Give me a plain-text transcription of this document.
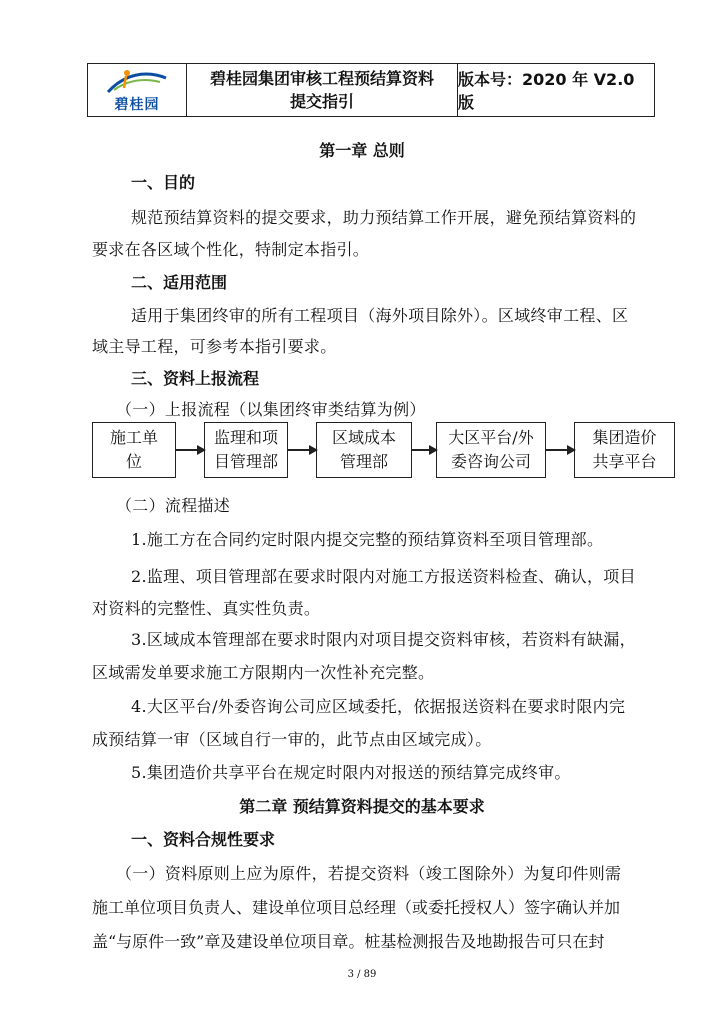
碧桂园
碧桂园集团审核工程预结算资料
提交指引
版本号：2020 年 V2.0 版
第一章 总则
一、目的
规范预结算资料的提交要求，助力预结算工作开展，避免预结算资料的
要求在各区域个性化，特制定本指引。
二、适用范围
适用于集团终审的所有工程项目（海外项目除外）。区域终审工程、区
域主导工程，可参考本指引要求。
三、资料上报流程
（一）上报流程（以集团终审类结算为例）
施工单
位
监理和项
目管理部
区域成本
管理部
大区平台/外
委咨询公司
集团造价
共享平台
（二）流程描述
1.施工方在合同约定时限内提交完整的预结算资料至项目管理部。
2.监理、项目管理部在要求时限内对施工方报送资料检查、确认，项目
对资料的完整性、真实性负责。
3.区域成本管理部在要求时限内对项目提交资料审核，若资料有缺漏，
区域需发单要求施工方限期内一次性补充完整。
4.大区平台/外委咨询公司应区域委托，依据报送资料在要求时限内完
成预结算一审（区域自行一审的，此节点由区域完成）。
5.集团造价共享平台在规定时限内对报送的预结算完成终审。
第二章 预结算资料提交的基本要求
一、资料合规性要求
（一）资料原则上应为原件，若提交资料（竣工图除外）为复印件则需
施工单位项目负责人、建设单位项目总经理（或委托授权人）签字确认并加
盖“与原件一致”章及建设单位项目章。桩基检测报告及地勘报告可只在封
3 / 89
